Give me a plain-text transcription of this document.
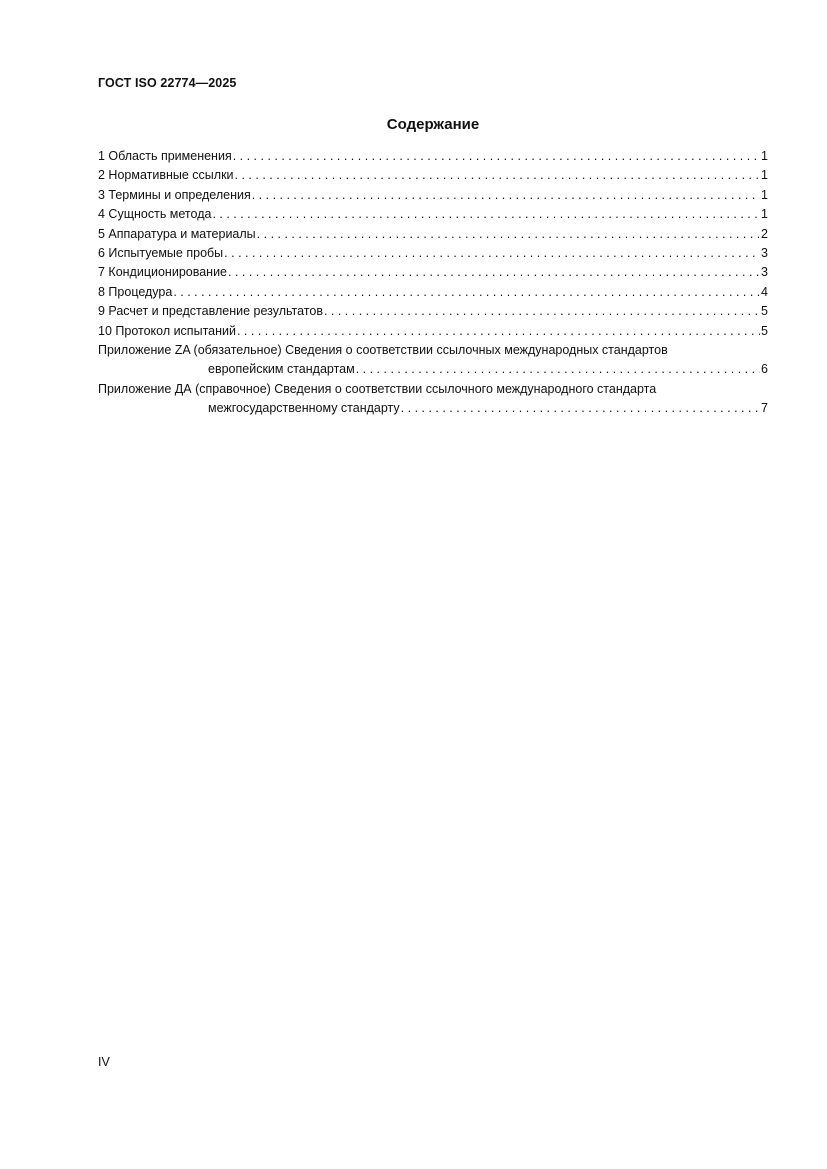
ГОСТ ISO 22774—2025
Содержание
1 Область применения . . .	1
2 Нормативные ссылки . . .	1
3 Термины и определения . . .	1
4 Сущность метода . . .	1
5 Аппаратура и материалы . . .	2
6 Испытуемые пробы . . .	3
7 Кондиционирование . . .	3
8 Процедура . . .	4
9 Расчет и представление результатов . . .	5
10 Протокол испытаний . . .	5
Приложение ZA (обязательное) Сведения о соответствии ссылочных международных стандартов
европейским стандартам . . .	6
Приложение ДА (справочное) Сведения о соответствии ссылочного международного стандарта
межгосударственному стандарту . . .	7
IV
